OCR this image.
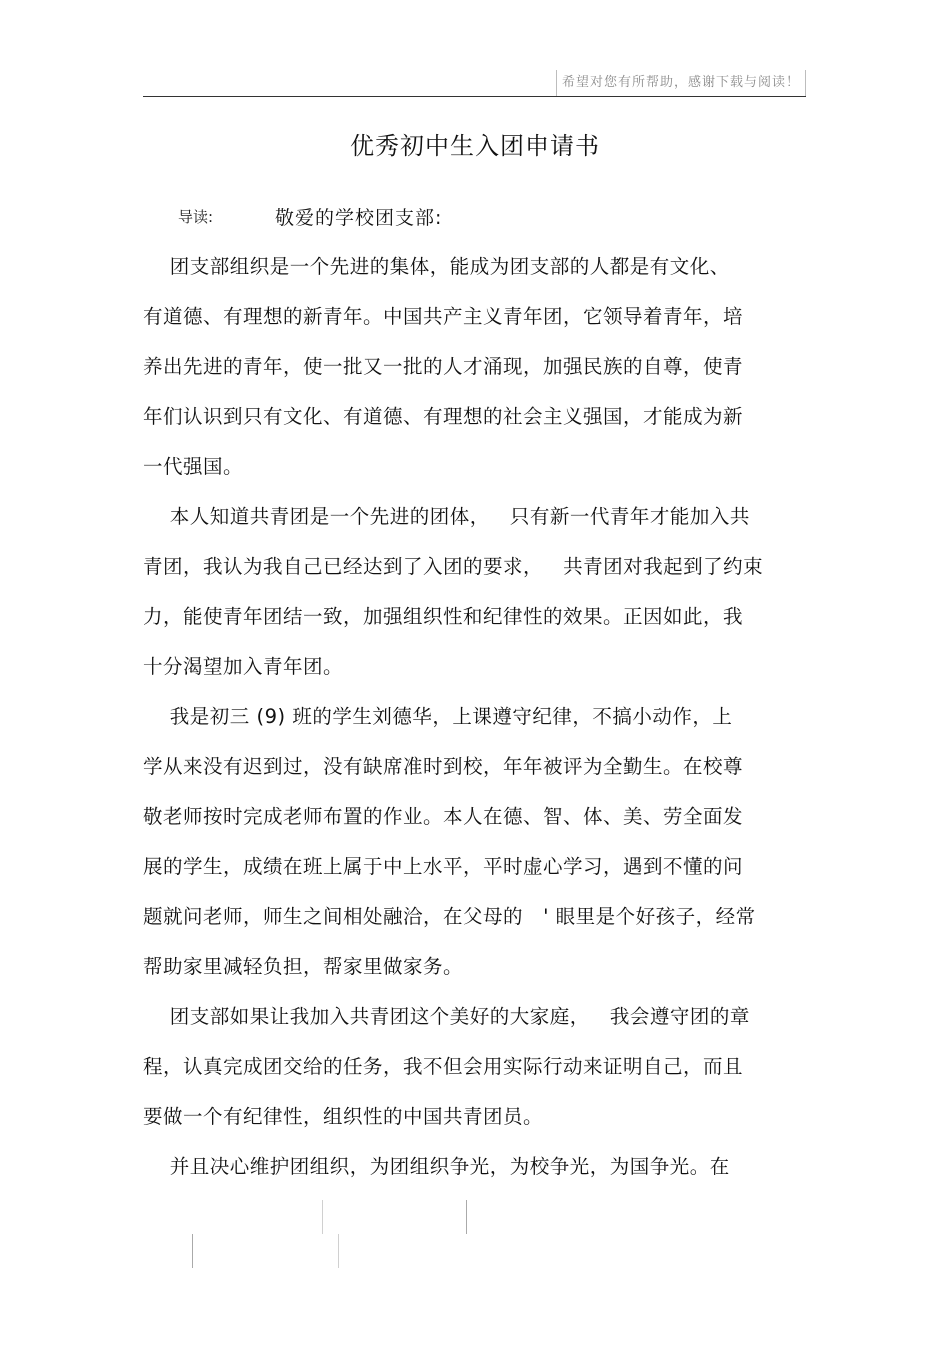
希望对您有所帮助，感谢下载与阅读！
优秀初中生入团申请书
导读:	敬爱的学校团支部:
团支部组织是一个先进的集体，能成为团支部的人都是有文化、
有道德、有理想的新青年。中国共产主义青年团，它领导着青年，培
养出先进的青年，使一批又一批的人才涌现，加强民族的自尊，使青
年们认识到只有文化、有道德、有理想的社会主义强国，才能成为新
一代强国。
本人知道共青团是一个先进的团体，   只有新一代青年才能加入共
青团，我认为我自己已经达到了入团的要求，   共青团对我起到了约束
力，能使青年团结一致，加强组织性和纪律性的效果。正因如此，我
十分渴望加入青年团。
我是初三 (9) 班的学生刘德华，上课遵守纪律，不搞小动作，上
学从来没有迟到过，没有缺席准时到校，年年被评为全勤生。在校尊
敬老师按时完成老师布置的作业。本人在德、智、体、美、劳全面发
展的学生，成绩在班上属于中上水平，平时虚心学习，遇到不懂的问
题就问老师，师生之间相处融洽，在父母的   ' 眼里是个好孩子，经常
帮助家里减轻负担，帮家里做家务。
团支部如果让我加入共青团这个美好的大家庭，   我会遵守团的章
程，认真完成团交给的任务，我不但会用实际行动来证明自己，而且
要做一个有纪律性，组织性的中国共青团员。
并且决心维护团组织，为团组织争光，为校争光，为国争光。在
